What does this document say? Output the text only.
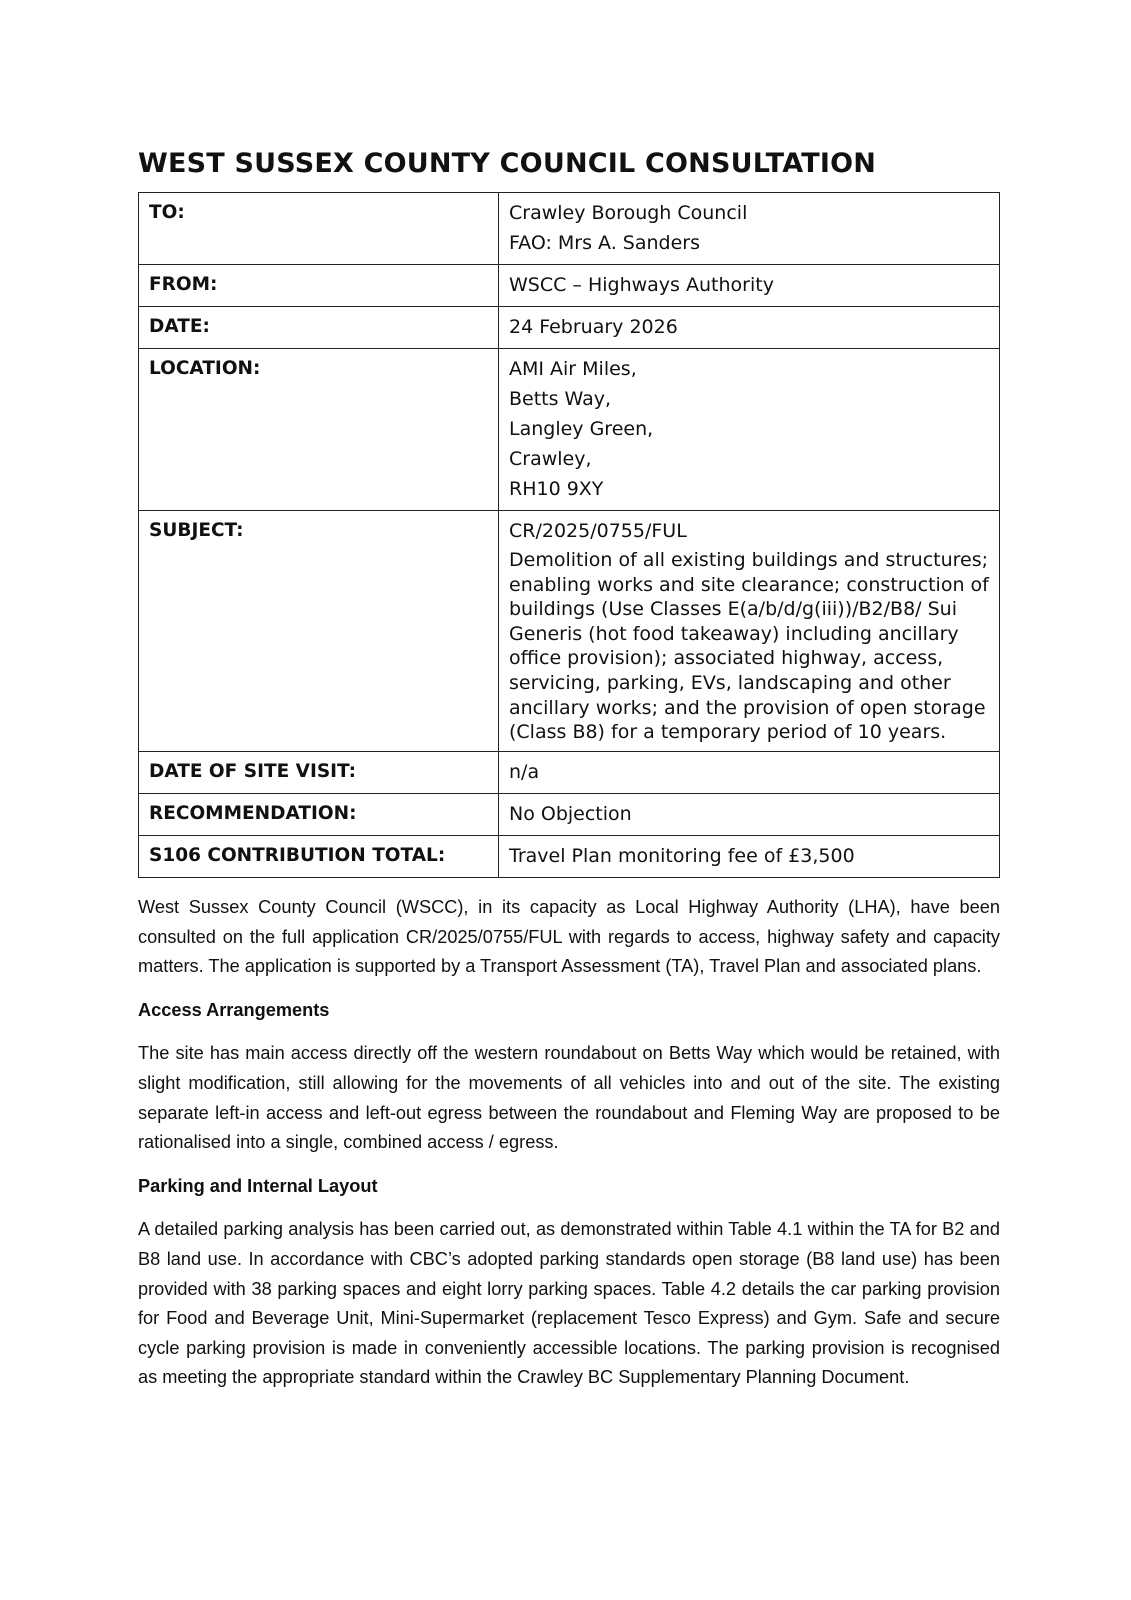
WEST SUSSEX COUNTY COUNCIL CONSULTATION
TO:	Crawley Borough Council
FAO: Mrs A. Sanders

FROM:	WSCC – Highways Authority
DATE:	24 February 2026
LOCATION:	AMI Air Miles,
Betts Way,
Langley Green,
Crawley,
RH10 9XY

SUBJECT:	CR/2025/0755/FUL
Demolition of all existing buildings and structures; enabling works and site clearance; construction of buildings (Use Classes E(a/b/d/g(iii))/B2/B8/ Sui Generis (hot food takeaway) including ancillary office provision); associated highway, access, servicing, parking, EVs, landscaping and other ancillary works; and the provision of open storage (Class B8) for a temporary period of 10 years.

DATE OF SITE VISIT:	n/a
RECOMMENDATION:	No Objection
S106 CONTRIBUTION TOTAL:	Travel Plan monitoring fee of £3,500

West Sussex County Council (WSCC), in its capacity as Local Highway Authority (LHA), have been consulted on the full application CR/2025/0755/FUL with regards to access, highway safety and capacity matters. The application is supported by a Transport Assessment (TA), Travel Plan and associated plans.

Access Arrangements

The site has main access directly off the western roundabout on Betts Way which would be retained, with slight modification, still allowing for the movements of all vehicles into and out of the site. The existing separate left-in access and left-out egress between the roundabout and Fleming Way are proposed to be rationalised into a single, combined access / egress.

Parking and Internal Layout

A detailed parking analysis has been carried out, as demonstrated within Table 4.1 within the TA for B2 and B8 land use. In accordance with CBC’s adopted parking standards open storage (B8 land use) has been provided with 38 parking spaces and eight lorry parking spaces. Table 4.2 details the car parking provision for Food and Beverage Unit, Mini-Supermarket (replacement Tesco Express) and Gym. Safe and secure cycle parking provision is made in conveniently accessible locations. The parking provision is recognised as meeting the appropriate standard within the Crawley BC Supplementary Planning Document.
